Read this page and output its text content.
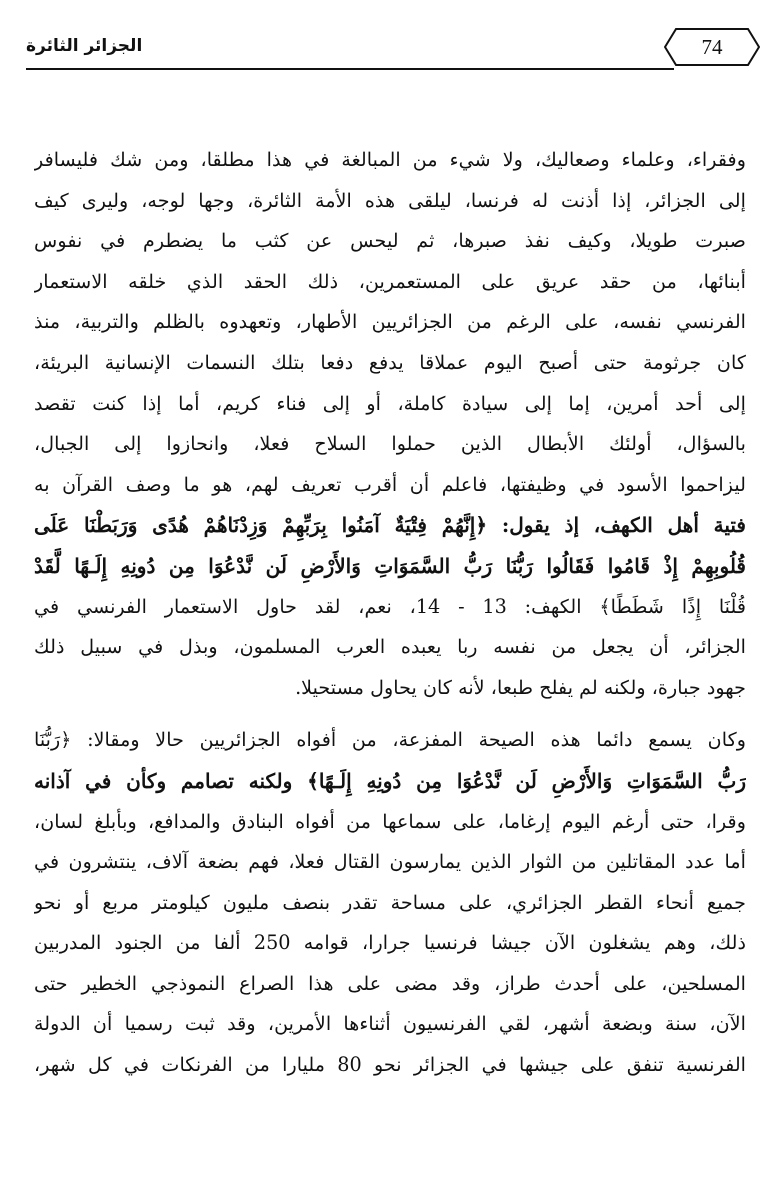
الجزائر الثائرة	74
وفقراء، وعلماء وصعاليك، ولا شيء من المبالغة في هذا مطلقا، ومن شك فليسافر
إلى الجزائر، إذا أذنت له فرنسا، ليلقى هذه الأمة الثائرة، وجها لوجه، وليرى كيف
صبرت طويلا، وكيف نفذ صبرها، ثم ليحس عن كثب ما يضطرم في نفوس
أبنائها، من حقد عريق على المستعمرين، ذلك الحقد الذي خلقه الاستعمار
الفرنسي نفسه، على الرغم من الجزائريين الأطهار، وتعهدوه بالظلم والتربية، منذ
كان جرثومة حتى أصبح اليوم عملاقا يدفع دفعا بتلك النسمات الإنسانية البريئة،
إلى أحد أمرين، إما إلى سيادة كاملة، أو إلى فناء كريم، أما إذا كنت تقصد
بالسؤال، أولئك الأبطال الذين حملوا السلاح فعلا، وانحازوا إلى الجبال،
ليزاحموا الأسود في وظيفتها، فاعلم أن أقرب تعريف لهم، هو ما وصف القرآن به
فتية أهل الكهف، إذ يقول: ﴿إِنَّهُمْ فِتْيَةٌ آمَنُوا بِرَبِّهِمْ وَزِدْنَاهُمْ هُدًى وَرَبَطْنَا عَلَى
قُلُوبِهِمْ إِذْ قَامُوا فَقَالُوا رَبُّنَا رَبُّ السَّمَوَاتِ وَالأَرْضِ لَن نَّدْعُوَا مِن دُونِهِ إِلَـهًا لَّقَدْ
قُلْنَا إِذًا شَطَطًا﴾ الكهف: 13 - 14، نعم، لقد حاول الاستعمار الفرنسي في
الجزائر، أن يجعل من نفسه ربا يعبده العرب المسلمون، وبذل في سبيل ذلك
جهود جبارة، ولكنه لم يفلح طبعا، لأنه كان يحاول مستحيلا.
وكان يسمع دائما هذه الصيحة المفزعة، من أفواه الجزائريين حالا ومقالا: ﴿رَبُّنَا
رَبُّ السَّمَوَاتِ وَالأَرْضِ لَن نَّدْعُوَا مِن دُونِهِ إِلَـهًا﴾ ولكنه تصامم وكأن في آذانه
وقرا، حتى أرغم اليوم إرغاما، على سماعها من أفواه البنادق والمدافع، وبأبلغ لسان،
أما عدد المقاتلين من الثوار الذين يمارسون القتال فعلا، فهم بضعة آلاف، ينتشرون في
جميع أنحاء القطر الجزائري، على مساحة تقدر بنصف مليون كيلومتر مربع أو نحو
ذلك، وهم يشغلون الآن جيشا فرنسيا جرارا، قوامه 250 ألفا من الجنود المدربين
المسلحين، على أحدث طراز، وقد مضى على هذا الصراع النموذجي الخطير حتى
الآن، سنة وبضعة أشهر، لقي الفرنسيون أثناءها الأمرين، وقد ثبت رسميا أن الدولة
الفرنسية تنفق على جيشها في الجزائر نحو 80 مليارا من الفرنكات في كل شهر،
